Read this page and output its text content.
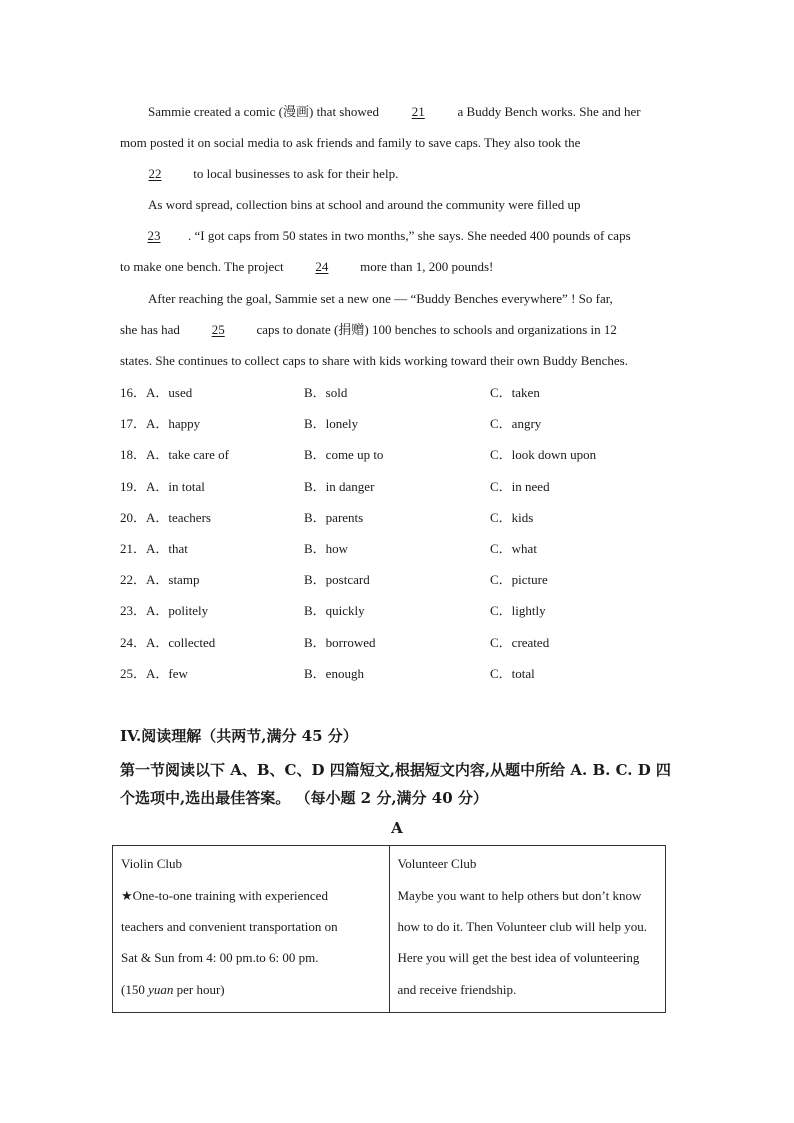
Sammie created a comic (漫画) that showed 21 a Buddy Bench works. She and her
mom posted it on social media to ask friends and family to save caps. They also took the
22 to local businesses to ask for their help.
As word spread, collection bins at school and around the community were filled up
23 . “I got caps from 50 states in two months,” she says. She needed 400 pounds of caps
to make one bench. The project 24 more than 1, 200 pounds!
After reaching the goal, Sammie set a new one — “Buddy Benches everywhere” ! So far,
she has had 25 caps to donate (捐赠) 100 benches to schools and organizations in 12
states. She continues to collect caps to share with kids working toward their own Buddy Benches.
16．A．used	B．sold	C．taken
17．A．happy	B．lonely	C．angry
18．A．take care of	B．come up to	C．look down upon
19．A．in total	B．in danger	C．in need
20．A．teachers	B．parents	C．kids
21．A．that	B．how	C．what
22．A．stamp	B．postcard	C．picture
23．A．politely	B．quickly	C．lightly
24．A．collected	B．borrowed	C．created
25．A．few	B．enough	C．total
IV.阅读理解（共两节,满分 45 分）
第一节阅读以下 A、B、C、D 四篇短文,根据短文内容,从题中所给 A. B. C. D 四
个选项中,选出最佳答案。 （每小题 2 分,满分 40 分）
A
Violin Club
★One-to-one training with experienced
teachers and convenient transportation on
Sat & Sun from 4: 00 pm.to 6: 00 pm.
(150 yuan per hour)

Volunteer Club
Maybe you want to help others but don’t know
how to do it. Then Volunteer club will help you.
Here you will get the best idea of volunteering
and receive friendship.
